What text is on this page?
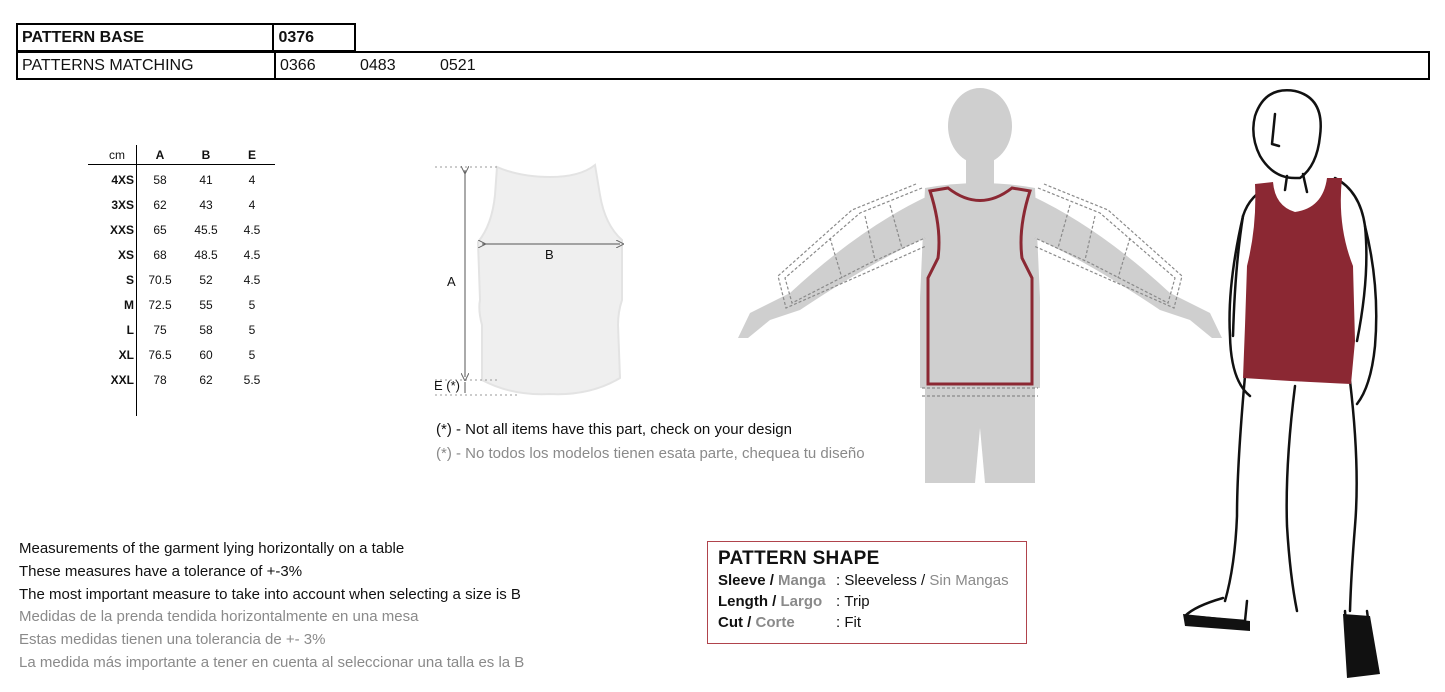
PATTERN BASE	0376
PATTERNS MATCHING	0366	0483	0521
cm	A	B	E
4XS	58	41	4
3XS	62	43	4
XXS	65	45.5	4.5
XS	68	48.5	4.5
S	70.5	52	4.5
M	72.5	55	5
L	75	58	5
XL	76.5	60	5
XXL	78	62	5.5
A
B
E (*)
(*) - Not all items have this part, check on your design
(*) - No todos los modelos tienen esata parte, chequea tu diseño
Measurements of the garment lying horizontally on a table
These measures have a tolerance of +-3%
The most important measure to take into account when selecting a size is B
Medidas de la prenda tendida horizontalmente en una mesa
Estas medidas tienen una tolerancia de +- 3%
La medida más importante a tener en cuenta al seleccionar una talla es la B
PATTERN SHAPE
Sleeve / Manga : Sleeveless / Sin Mangas
Length / Largo : Trip
Cut / Corte	: Fit
